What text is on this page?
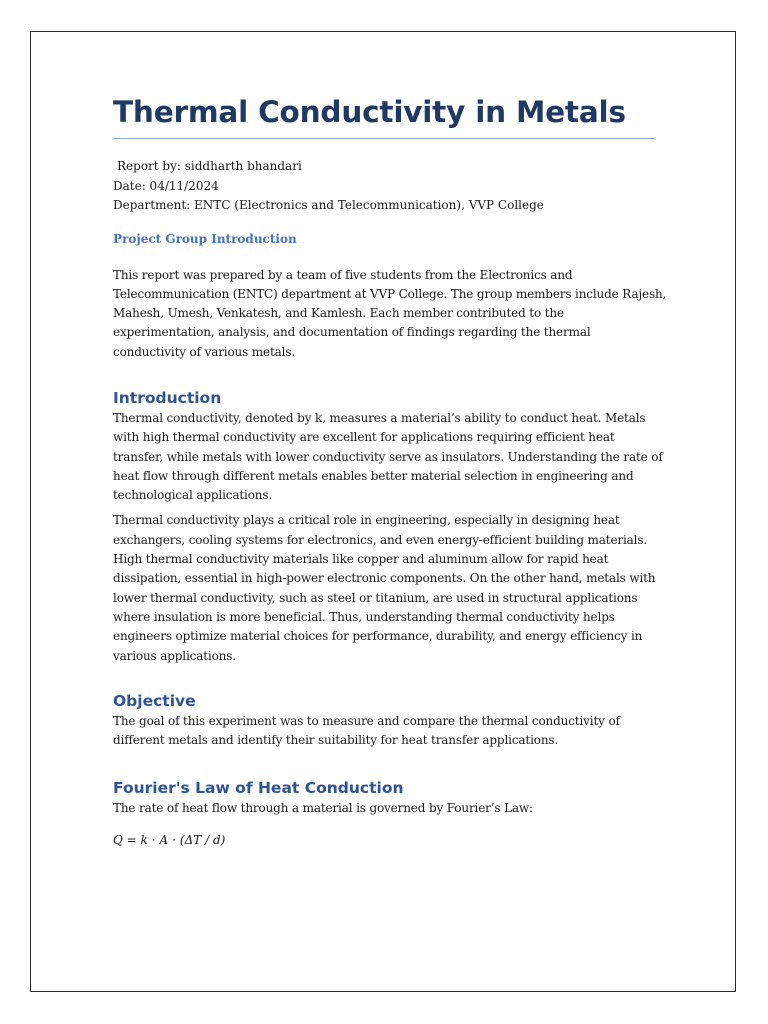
Thermal Conductivity in Metals
Report by: siddharth bhandari
Date: 04/11/2024
Department: ENTC (Electronics and Telecommunication), VVP College
Project Group Introduction

This report was prepared by a team of five students from the Electronics and
Telecommunication (ENTC) department at VVP College. The group members include Rajesh,
Mahesh, Umesh, Venkatesh, and Kamlesh. Each member contributed to the
experimentation, analysis, and documentation of findings regarding the thermal
conductivity of various metals.

Introduction

Thermal conductivity, denoted by k, measures a material’s ability to conduct heat. Metals
with high thermal conductivity are excellent for applications requiring efficient heat
transfer, while metals with lower conductivity serve as insulators. Understanding the rate of
heat flow through different metals enables better material selection in engineering and
technological applications.

Thermal conductivity plays a critical role in engineering, especially in designing heat
exchangers, cooling systems for electronics, and even energy-efficient building materials.
High thermal conductivity materials like copper and aluminum allow for rapid heat
dissipation, essential in high-power electronic components. On the other hand, metals with
lower thermal conductivity, such as steel or titanium, are used in structural applications
where insulation is more beneficial. Thus, understanding thermal conductivity helps
engineers optimize material choices for performance, durability, and energy efficiency in
various applications.

Objective

The goal of this experiment was to measure and compare the thermal conductivity of
different metals and identify their suitability for heat transfer applications.

Fourier's Law of Heat Conduction

The rate of heat flow through a material is governed by Fourier’s Law:

Q = k ⋅ A ⋅ (ΔT / d)
